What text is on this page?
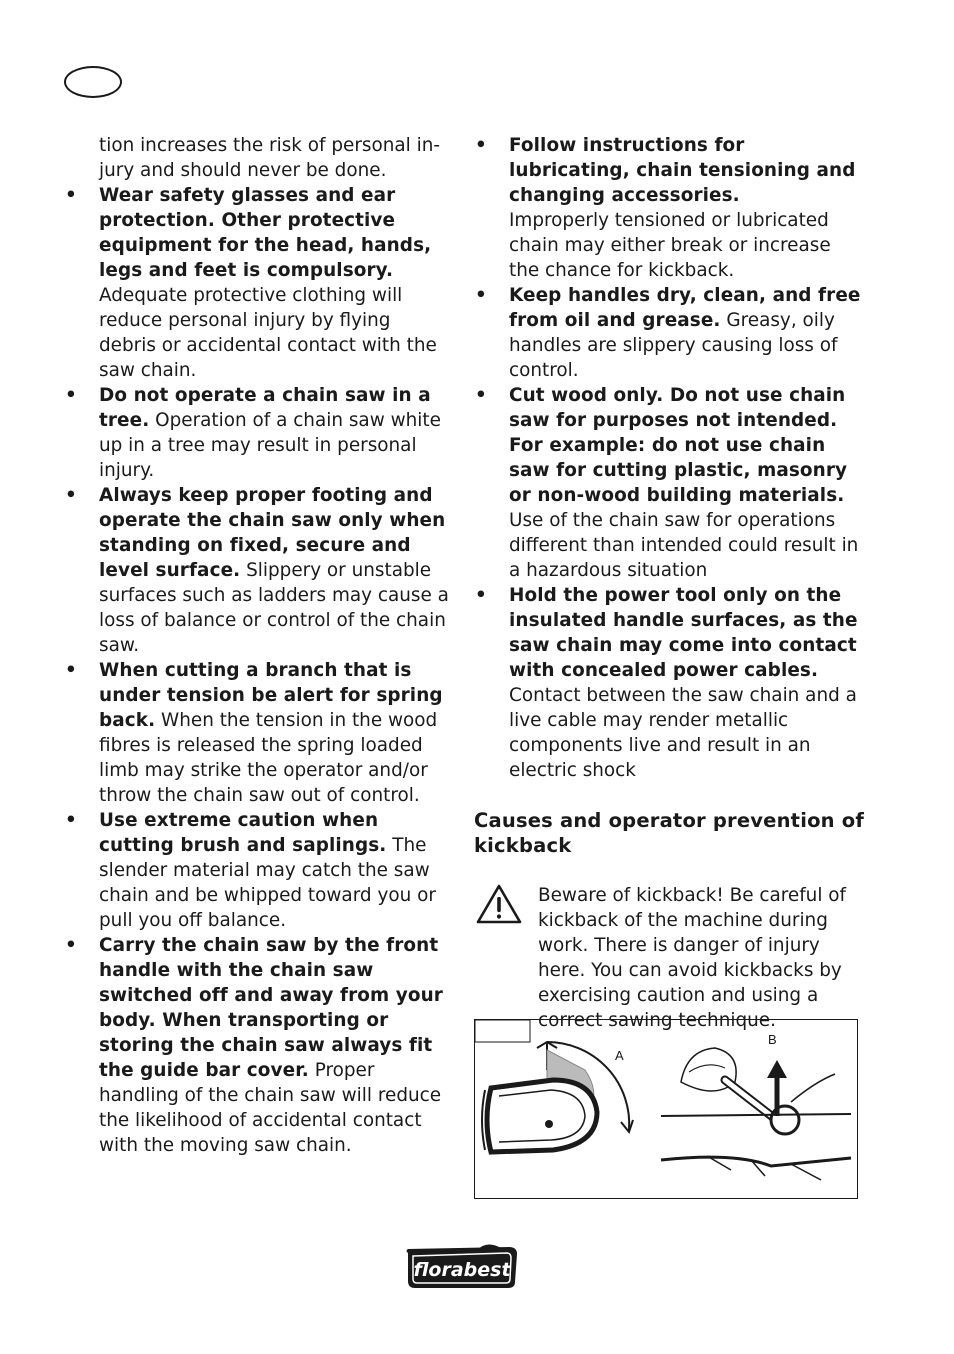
tion increases the risk of personal in-jury and should never be done.
• Wear safety glasses and ear protection. Other protective equipment for the head, hands, legs and feet is compulsory. Adequate protective clothing will reduce personal injury by flying debris or accidental contact with the saw chain.
• Do not operate a chain saw in a tree. Operation of a chain saw white up in a tree may result in personal injury.
• Always keep proper footing and operate the chain saw only when standing on fixed, secure and level surface. Slippery or unstable surfaces such as ladders may cause a loss of balance or control of the chain saw.
• When cutting a branch that is under tension be alert for spring back. When the tension in the wood fibres is released the spring loaded limb may strike the operator and/or throw the chain saw out of control.
• Use extreme caution when cutting brush and saplings. The slender material may catch the saw chain and be whipped toward you or pull you off balance.
• Carry the chain saw by the front handle with the chain saw switched off and away from your body. When transporting or storing the chain saw always fit the guide bar cover. Proper handling of the chain saw will reduce the likelihood of accidental contact with the moving saw chain.
• Follow instructions for lubricating, chain tensioning and changing accessories.
Improperly tensioned or lubricated chain may either break or increase the chance for kickback.
• Keep handles dry, clean, and free from oil and grease. Greasy, oily handles are slippery causing loss of control.
• Cut wood only. Do not use chain saw for purposes not intended. For example: do not use chain saw for cutting plastic, masonry or non-wood building materials.
Use of the chain saw for operations different than intended could result in a hazardous situation
• Hold the power tool only on the insulated handle surfaces, as the saw chain may come into contact with concealed power cables.
Contact between the saw chain and a live cable may render metallic components live and result in an electric shock
Causes and operator prevention of kickback
Beware of kickback! Be careful of kickback of the machine during work. There is danger of injury here. You can avoid kickbacks by exercising caution and using a correct sawing technique.
A
B
florabest
